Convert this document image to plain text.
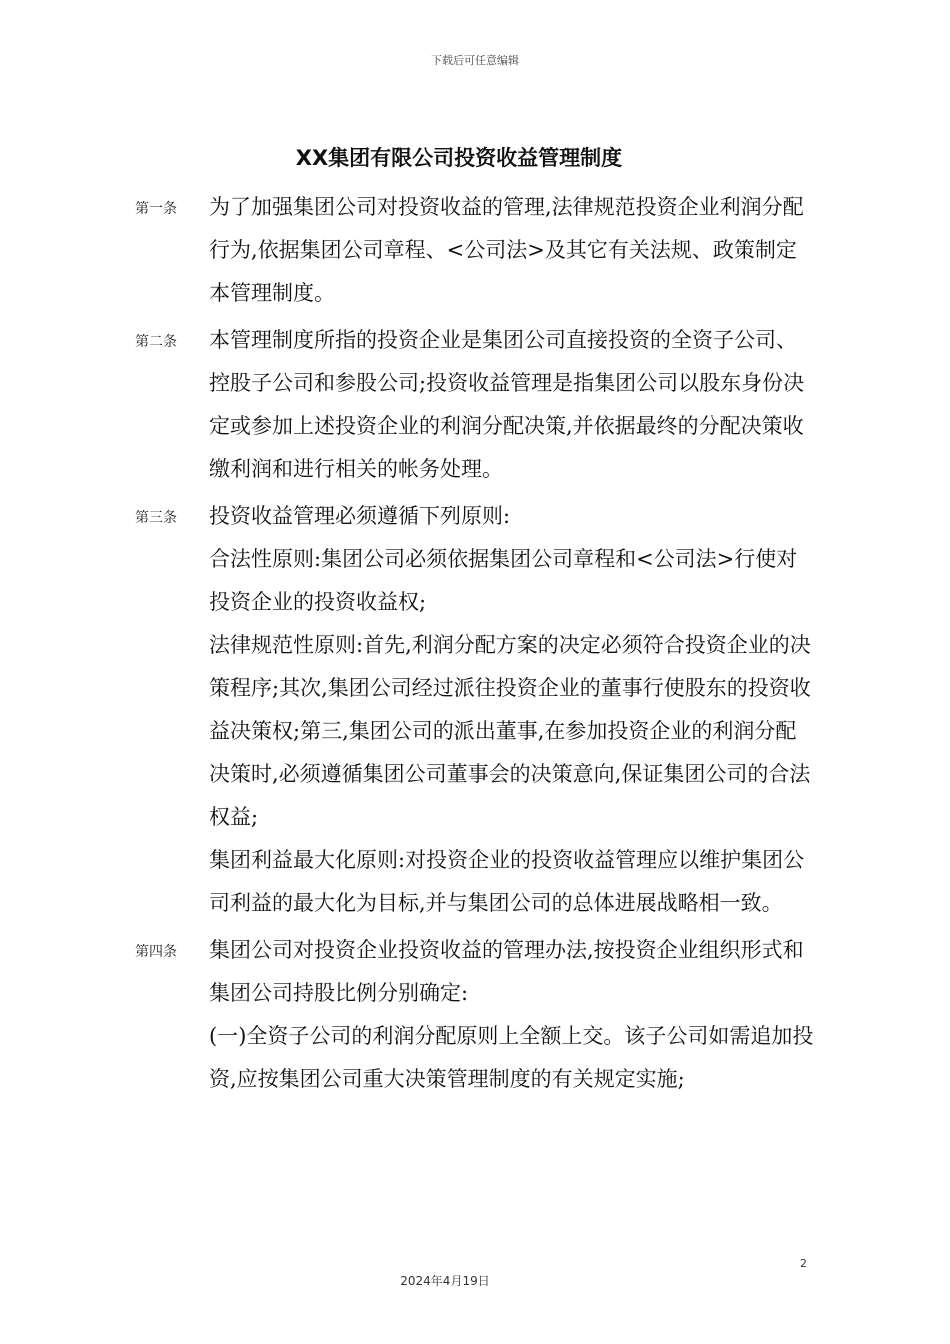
下载后可任意编辑
XX集团有限公司投资收益管理制度
第一条 为了加强集团公司对投资收益的管理,法律规范投资企业利润分配行为,依据集团公司章程、<公司法>及其它有关法规、政策制定本管理制度。

第二条 本管理制度所指的投资企业是集团公司直接投资的全资子公司、控股子公司和参股公司;投资收益管理是指集团公司以股东身份决定或参加上述投资企业的利润分配决策,并依据最终的分配决策收缴利润和进行相关的帐务处理。

第三条 投资收益管理必须遵循下列原则:

合法性原则:集团公司必须依据集团公司章程和<公司法>行使对投资企业的投资收益权;

法律规范性原则:首先,利润分配方案的决定必须符合投资企业的决策程序;其次,集团公司经过派往投资企业的董事行使股东的投资收益决策权;第三,集团公司的派出董事,在参加投资企业的利润分配决策时,必须遵循集团公司董事会的决策意向,保证集团公司的合法权益;

集团利益最大化原则:对投资企业的投资收益管理应以维护集团公司利益的最大化为目标,并与集团公司的总体进展战略相一致。

第四条 集团公司对投资企业投资收益的管理办法,按投资企业组织形式和集团公司持股比例分别确定:

(一)全资子公司的利润分配原则上全额上交。该子公司如需追加投资,应按集团公司重大决策管理制度的有关规定实施;

2
2024年4月19日
